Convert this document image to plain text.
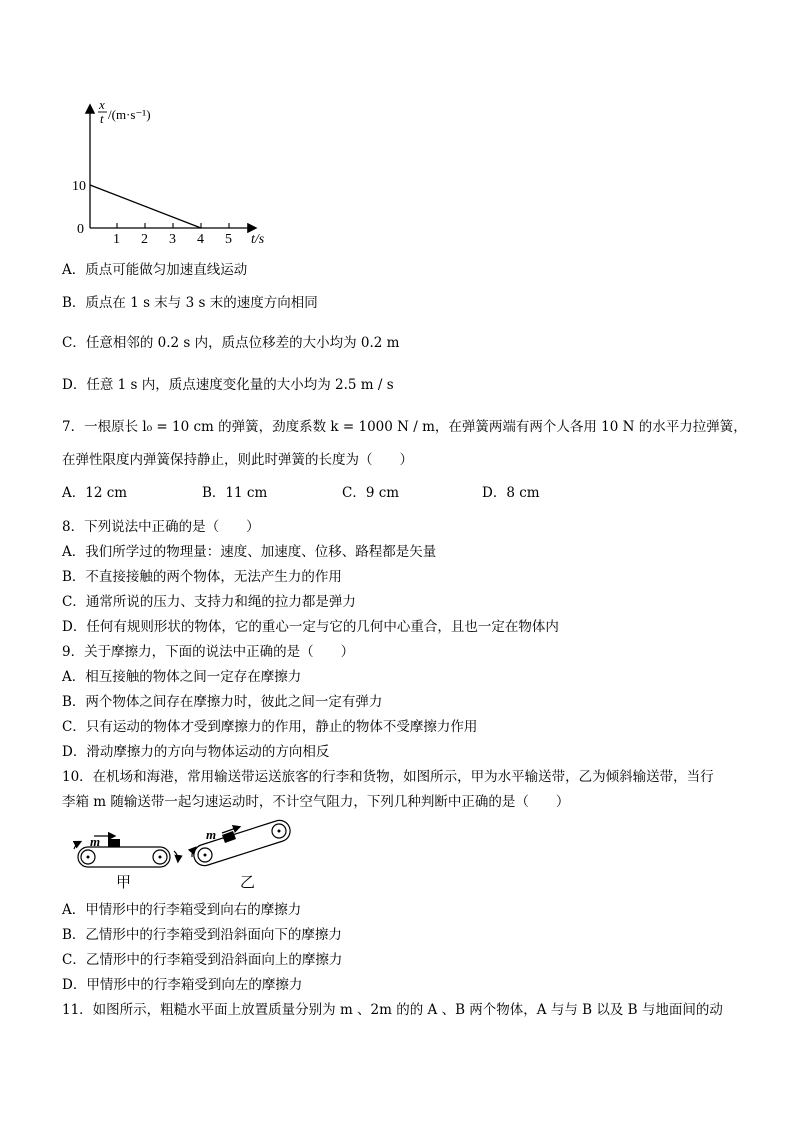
10
0
1 2 3 4 5 t/s
x
t /(m·s⁻¹)
A．质点可能做匀加速直线运动
B．质点在 1 s 末与 3 s 末的速度方向相同
C．任意相邻的 0.2 s 内，质点位移差的大小均为 0.2 m
D．任意 1 s 内，质点速度变化量的大小均为 2.5 m / s
7．一根原长 l₀ = 10 cm 的弹簧，劲度系数 k = 1000 N / m，在弹簧两端有两个人各用 10 N 的水平力拉弹簧，
在弹性限度内弹簧保持静止，则此时弹簧的长度为（　　）
A．12 cm	B．11 cm	C．9 cm	D．8 cm
8．下列说法中正确的是（　　）
A．我们所学过的物理量：速度、加速度、位移、路程都是矢量
B．不直接接触的两个物体，无法产生力的作用
C．通常所说的压力、支持力和绳的拉力都是弹力
D．任何有规则形状的物体，它的重心一定与它的几何中心重合，且也一定在物体内
9．关于摩擦力，下面的说法中正确的是（　　）
A．相互接触的物体之间一定存在摩擦力
B．两个物体之间存在摩擦力时，彼此之间一定有弹力
C．只有运动的物体才受到摩擦力的作用，静止的物体不受摩擦力作用
D．滑动摩擦力的方向与物体运动的方向相反
10．在机场和海港，常用输送带运送旅客的行李和货物，如图所示，甲为水平输送带，乙为倾斜输送带，当行
李箱 m 随输送带一起匀速运动时，不计空气阻力，下列几种判断中正确的是（　　）
m
甲
m
乙
A．甲情形中的行李箱受到向右的摩擦力
B．乙情形中的行李箱受到沿斜面向下的摩擦力
C．乙情形中的行李箱受到沿斜面向上的摩擦力
D．甲情形中的行李箱受到向左的摩擦力
11．如图所示，粗糙水平面上放置质量分别为 m 、2m 的的 A 、B 两个物体，A 与与 B 以及 B 与地面间的动
